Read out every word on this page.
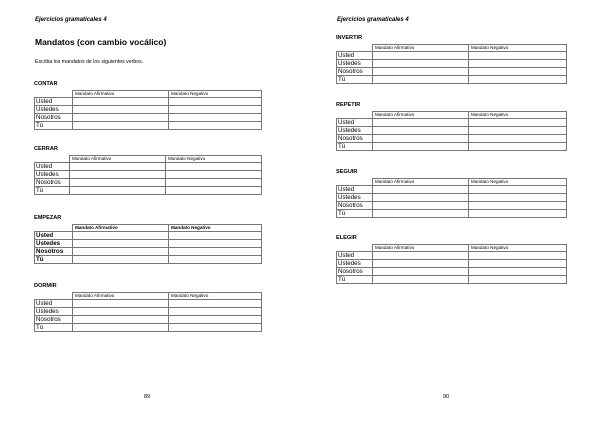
Ejercicios gramaticales 4
Mandatos (con cambio vocálico)
Escriba los mandatos de los siguientes verbos.
CONTAR
	Mandato Afirmativo	Mandato Negativo
Usted		
Ustedes		
Nosotros		
Tú		
CERRAR
	Mandato Afirmativo	Mandato Negativo
Usted		
Ustedes		
Nosotros		
Tú		
EMPEZAR
	Mandato Afirmativo	Mandato Negativo
Usted		
Ustedes		
Nosotros		
Tú		
DORMIR
	Mandato Afirmativo	Mandato Negativo
Usted		
Ustedes		
Nosotros		
Tú		
89
Ejercicios gramaticales 4
INVERTIR
	Mandato Afirmativo	Mandato Negativo
Usted		
Ustedes		
Nosotros		
Tú		
REPETIR
	Mandato Afirmativo	Mandato Negativo
Usted		
Ustedes		
Nosotros		
Tú		
SEGUIR
	Mandato Afirmativo	Mandato Negativo
Usted		
Ustedes		
Nosotros		
Tú		
ELEGIR
	Mandato Afirmativo	Mandato Negativo
Usted		
Ustedes		
Nosotros		
Tú		
90
